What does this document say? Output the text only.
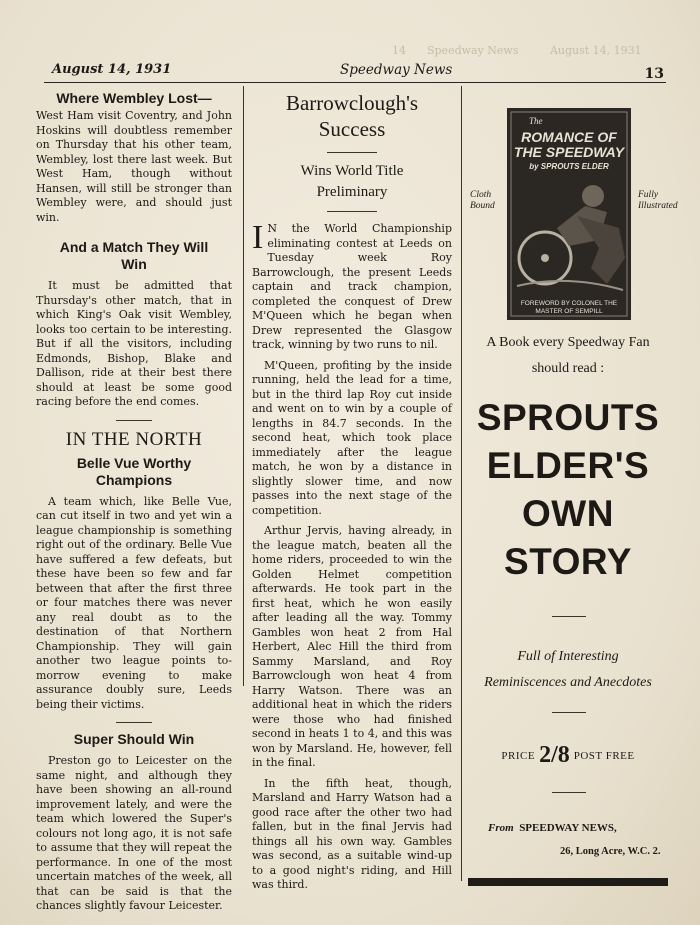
14      Speedway News         August 14, 1931
August 14, 1931	Speedway News	13
Where Wembley Lost—

West Ham visit Coventry, and John Hoskins will doubtless remember on Thursday that his other team, Wembley, lost there last week. But West Ham, though without Hansen, will still be stronger than Wembley were, and should just win.

And a Match They Will Win

It must be admitted that Thursday's other match, that in which King's Oak visit Wembley, looks too certain to be interesting. But if all the visitors, including Edmonds, Bishop, Blake and Dallison, ride at their best there should at least be some good racing before the end comes.

IN THE NORTH
Belle Vue Worthy Champions

A team which, like Belle Vue, can cut itself in two and yet win a league championship is something right out of the ordinary. Belle Vue have suffered a few defeats, but these have been so few and far between that after the first three or four matches there was never any real doubt as to the destination of that Northern Championship. They will gain another two league points to-morrow evening to make assurance doubly sure, Leeds being their victims.

Super Should Win

Preston go to Leicester on the same night, and although they have been showing an all-round improvement lately, and were the team which lowered the Super's colours not long ago, it is not safe to assume that they will repeat the performance. In one of the most uncertain matches of the week, all that can be said is that the chances slightly favour Leicester.

Barrowclough's Success
Wins World Title Preliminary

I N the World Championship eliminating contest at Leeds on Tuesday week Roy Barrowclough, the present Leeds captain and track champion, completed the conquest of Drew M'Queen which he began when Drew represented the Glasgow track, winning by two runs to nil.

M'Queen, profiting by the inside running, held the lead for a time, but in the third lap Roy cut inside and went on to win by a couple of lengths in 84.7 seconds. In the second heat, which took place immediately after the league match, he won by a distance in slightly slower time, and now passes into the next stage of the competition.

Arthur Jervis, having already, in the league match, beaten all the home riders, proceeded to win the Golden Helmet competition afterwards. He took part in the first heat, which he won easily after leading all the way. Tommy Gambles won heat 2 from Hal Herbert, Alec Hill the third from Sammy Marsland, and Roy Barrowclough won heat 4 from Harry Watson. There was an additional heat in which the riders were those who had finished second in heats 1 to 4, and this was won by Marsland. He, however, fell in the final.

In the fifth heat, though, Marsland and Harry Watson had a good race after the other two had fallen, but in the final Jervis had things all his own way. Gambles was second, as a suitable wind-up to a good night's riding, and Hill was third.

The
ROMANCE OF THE SPEEDWAY
by SPROUTS ELDER
FOREWORD BY COLONEL THE MASTER OF SEMPILL
Cloth Bound
Fully Illustrated
A Book every Speedway Fan
should read :
SPROUTS
ELDER'S
OWN
STORY
Full of Interesting
Reminiscences and Anecdotes
PRICE 2/8 POST FREE
From SPEEDWAY NEWS,
26, Long Acre, W.C. 2.
